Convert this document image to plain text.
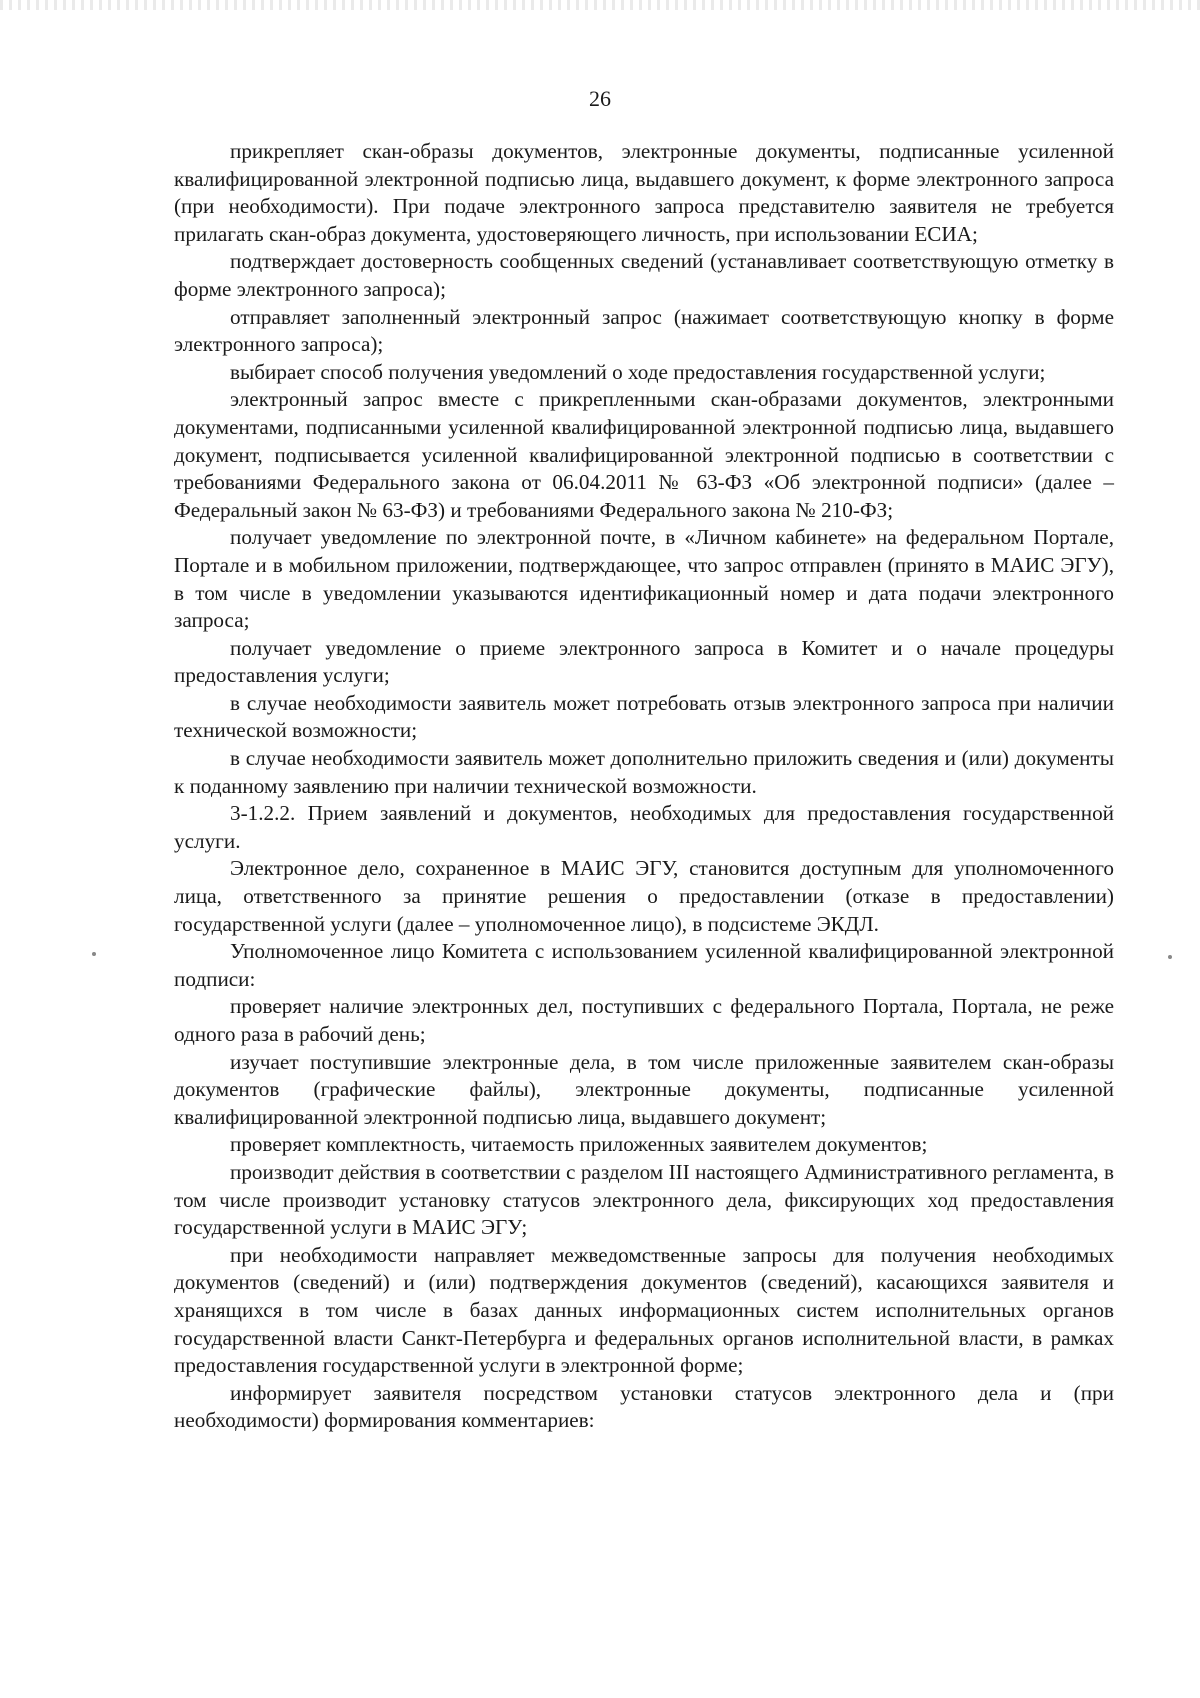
26

прикрепляет скан-образы документов, электронные документы, подписанные усиленной квалифицированной электронной подписью лица, выдавшего документ, к форме электронного запроса (при необходимости). При подаче электронного запроса представителю заявителя не требуется прилагать скан-образ документа, удостоверяющего личность, при использовании ЕСИА;

подтверждает достоверность сообщенных сведений (устанавливает соответствующую отметку в форме электронного запроса);

отправляет заполненный электронный запрос (нажимает соответствующую кнопку в форме электронного запроса);

выбирает способ получения уведомлений о ходе предоставления государственной услуги;

электронный запрос вместе с прикрепленными скан-образами документов, электронными документами, подписанными усиленной квалифицированной электронной подписью лица, выдавшего документ, подписывается усиленной квалифицированной электронной подписью в соответствии с требованиями Федерального закона от 06.04.2011 № 63-ФЗ «Об электронной подписи» (далее – Федеральный закон № 63-ФЗ) и требованиями Федерального закона № 210-ФЗ;

получает уведомление по электронной почте, в «Личном кабинете» на федеральном Портале, Портале и в мобильном приложении, подтверждающее, что запрос отправлен (принято в МАИС ЭГУ), в том числе в уведомлении указываются идентификационный номер и дата подачи электронного запроса;

получает уведомление о приеме электронного запроса в Комитет и о начале процедуры предоставления услуги;

в случае необходимости заявитель может потребовать отзыв электронного запроса при наличии технической возможности;

в случае необходимости заявитель может дополнительно приложить сведения и (или) документы к поданному заявлению при наличии технической возможности.

3-1.2.2. Прием заявлений и документов, необходимых для предоставления государственной услуги.

Электронное дело, сохраненное в МАИС ЭГУ, становится доступным для уполномоченного лица, ответственного за принятие решения о предоставлении (отказе в предоставлении) государственной услуги (далее – уполномоченное лицо), в подсистеме ЭКДЛ.

Уполномоченное лицо Комитета с использованием усиленной квалифицированной электронной подписи:

проверяет наличие электронных дел, поступивших с федерального Портала, Портала, не реже одного раза в рабочий день;

изучает поступившие электронные дела, в том числе приложенные заявителем скан-образы документов (графические файлы), электронные документы, подписанные усиленной квалифицированной электронной подписью лица, выдавшего документ;

проверяет комплектность, читаемость приложенных заявителем документов;

производит действия в соответствии с разделом III настоящего Административного регламента, в том числе производит установку статусов электронного дела, фиксирующих ход предоставления государственной услуги в МАИС ЭГУ;

при необходимости направляет межведомственные запросы для получения необходимых документов (сведений) и (или) подтверждения документов (сведений), касающихся заявителя и хранящихся в том числе в базах данных информационных систем исполнительных органов государственной власти Санкт-Петербурга и федеральных органов исполнительной власти, в рамках предоставления государственной услуги в электронной форме;

информирует заявителя посредством установки статусов электронного дела и (при необходимости) формирования комментариев:
